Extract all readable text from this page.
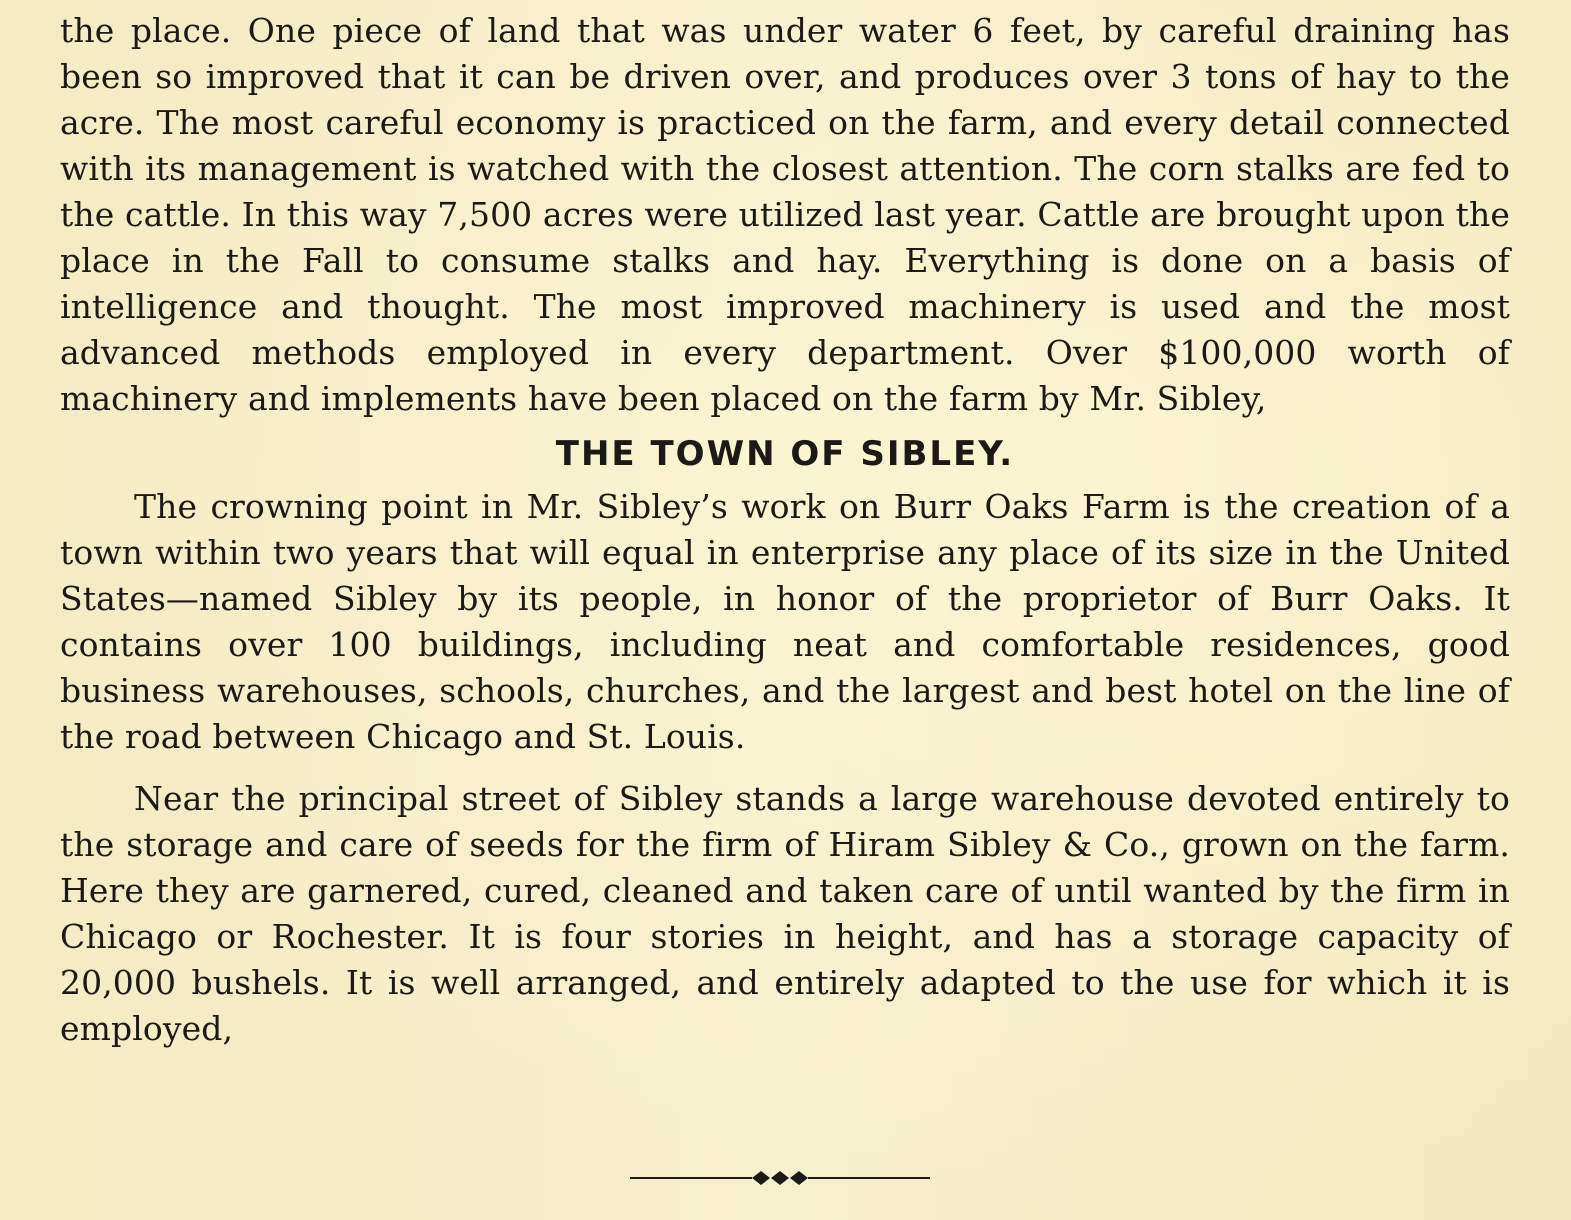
the place. One piece of land that was under water 6 feet, by careful draining has been so improved that it can be driven over, and produces over 3 tons of hay to the acre. The most careful economy is practiced on the farm, and every detail connected with its management is watched with the closest attention. The corn stalks are fed to the cattle. In this way 7,500 acres were utilized last year. Cattle are brought upon the place in the Fall to consume stalks and hay. Everything is done on a basis of intelligence and thought. The most improved machinery is used and the most advanced methods employed in every department. Over $100,000 worth of machinery and implements have been placed on the farm by Mr. Sibley,

THE TOWN OF SIBLEY.

The crowning point in Mr. Sibley’s work on Burr Oaks Farm is the creation of a town within two years that will equal in enterprise any place of its size in the United States—named Sibley by its people, in honor of the proprietor of Burr Oaks. It contains over 100 buildings, including neat and comfortable residences, good business warehouses, schools, churches, and the largest and best hotel on the line of the road between Chicago and St. Louis.

Near the principal street of Sibley stands a large warehouse devoted entirely to the storage and care of seeds for the firm of Hiram Sibley & Co., grown on the farm. Here they are garnered, cured, cleaned and taken care of until wanted by the firm in Chicago or Rochester. It is four stories in height, and has a storage capacity of 20,000 bushels. It is well arranged, and entirely adapted to the use for which it is employed,
